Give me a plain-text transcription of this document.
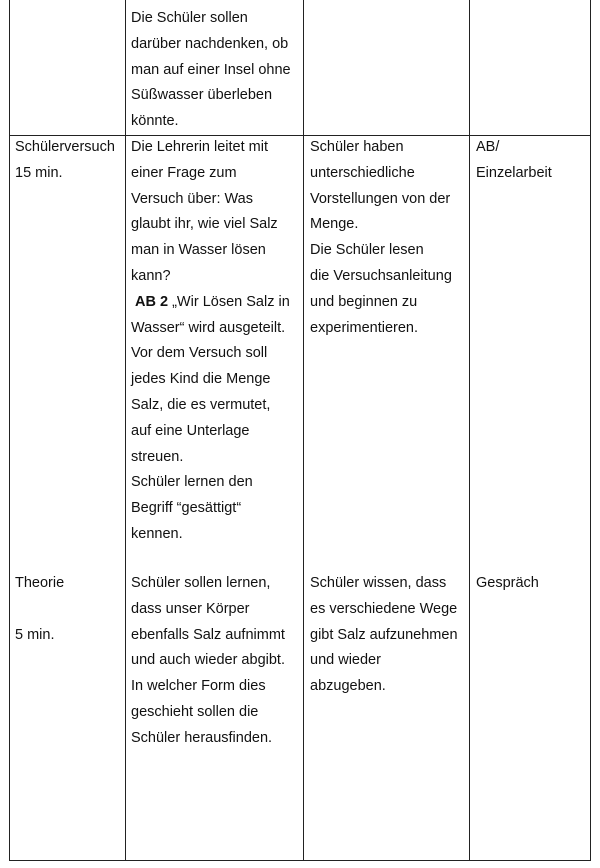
Die Schüler sollen
darüber nachdenken, ob
man auf einer Insel ohne
Süßwasser überleben
könnte.
Schülerversuch
15 min.
Die Lehrerin leitet mit
einer Frage zum
Versuch über: Was
glaubt ihr, wie viel Salz
man in Wasser lösen
kann?
AB 2 „Wir Lösen Salz in
Wasser“ wird ausgeteilt.
Vor dem Versuch soll
jedes Kind die Menge
Salz, die es vermutet,
auf eine Unterlage
streuen.
Schüler lernen den
Begriff “gesättigt“
kennen.
Schüler haben
unterschiedliche
Vorstellungen von der
Menge.
Die Schüler lesen
die Versuchsanleitung
und beginnen zu
experimentieren.
AB/
Einzelarbeit
Theorie
5 min.
Schüler sollen lernen,
dass unser Körper
ebenfalls Salz aufnimmt
und auch wieder abgibt.
In welcher Form dies
geschieht sollen die
Schüler herausfinden.
Schüler wissen, dass
es verschiedene Wege
gibt Salz aufzunehmen
und wieder
abzugeben.
Gespräch
